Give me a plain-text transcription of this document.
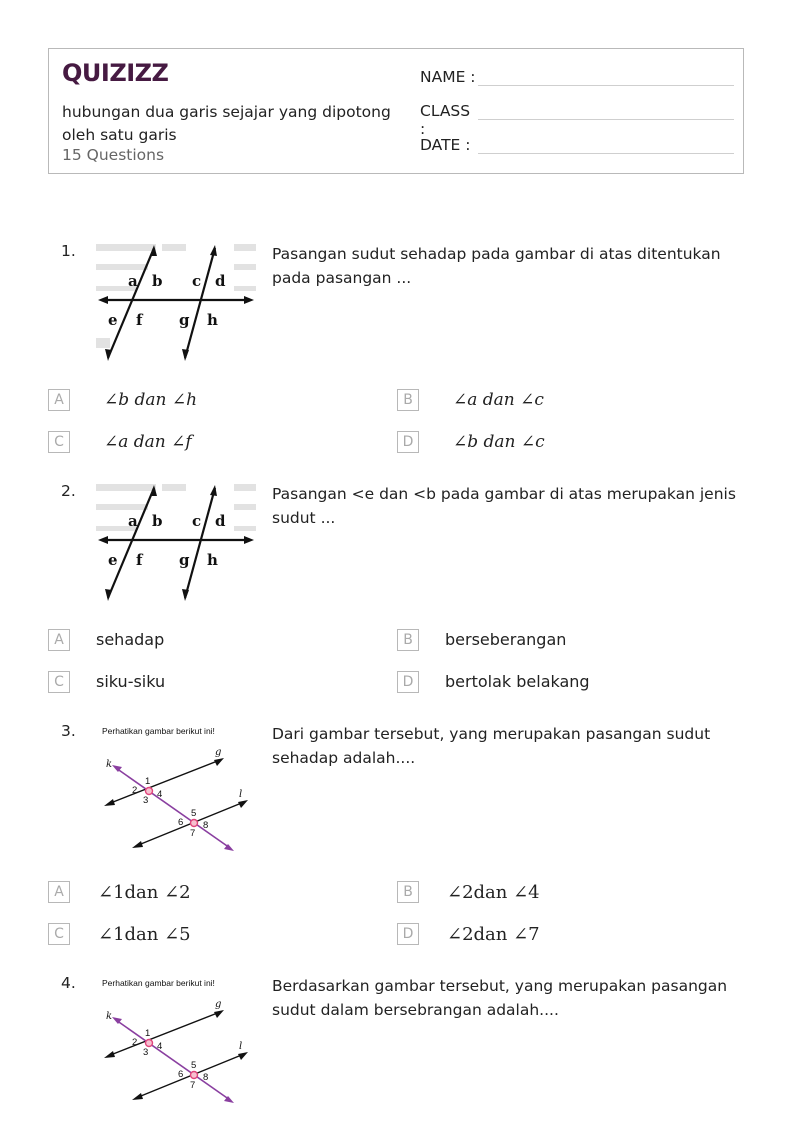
QUIZIZZ
hubungan dua garis sejajar yang dipotong oleh satu garis
15 Questions
NAME :
CLASS :
DATE :
1.
a b c d
e f g h
Pasangan sudut sehadap pada gambar di atas ditentukan pada pasangan ...
A	∠b dan ∠h	B	∠a dan ∠c
C	∠a dan ∠f	D	∠b dan ∠c
2.
a b c d
e f g h
Pasangan <e dan <b pada gambar di atas merupakan jenis sudut ...
A	sehadap	B	berseberangan
C	siku-siku	D	bertolak belakang
3.	Perhatikan gambar berikut ini!
k
g
l
1
2
3
4
5
6
7
8
Dari gambar tersebut, yang merupakan pasangan sudut sehadap adalah....
A	∠1dan ∠2	B	∠2dan ∠4
C	∠1dan ∠5	D	∠2dan ∠7
4.	Perhatikan gambar berikut ini!
k
g
l
1
2
3
4
5
6
7
8
Berdasarkan gambar tersebut, yang merupakan pasangan sudut dalam bersebrangan adalah....
